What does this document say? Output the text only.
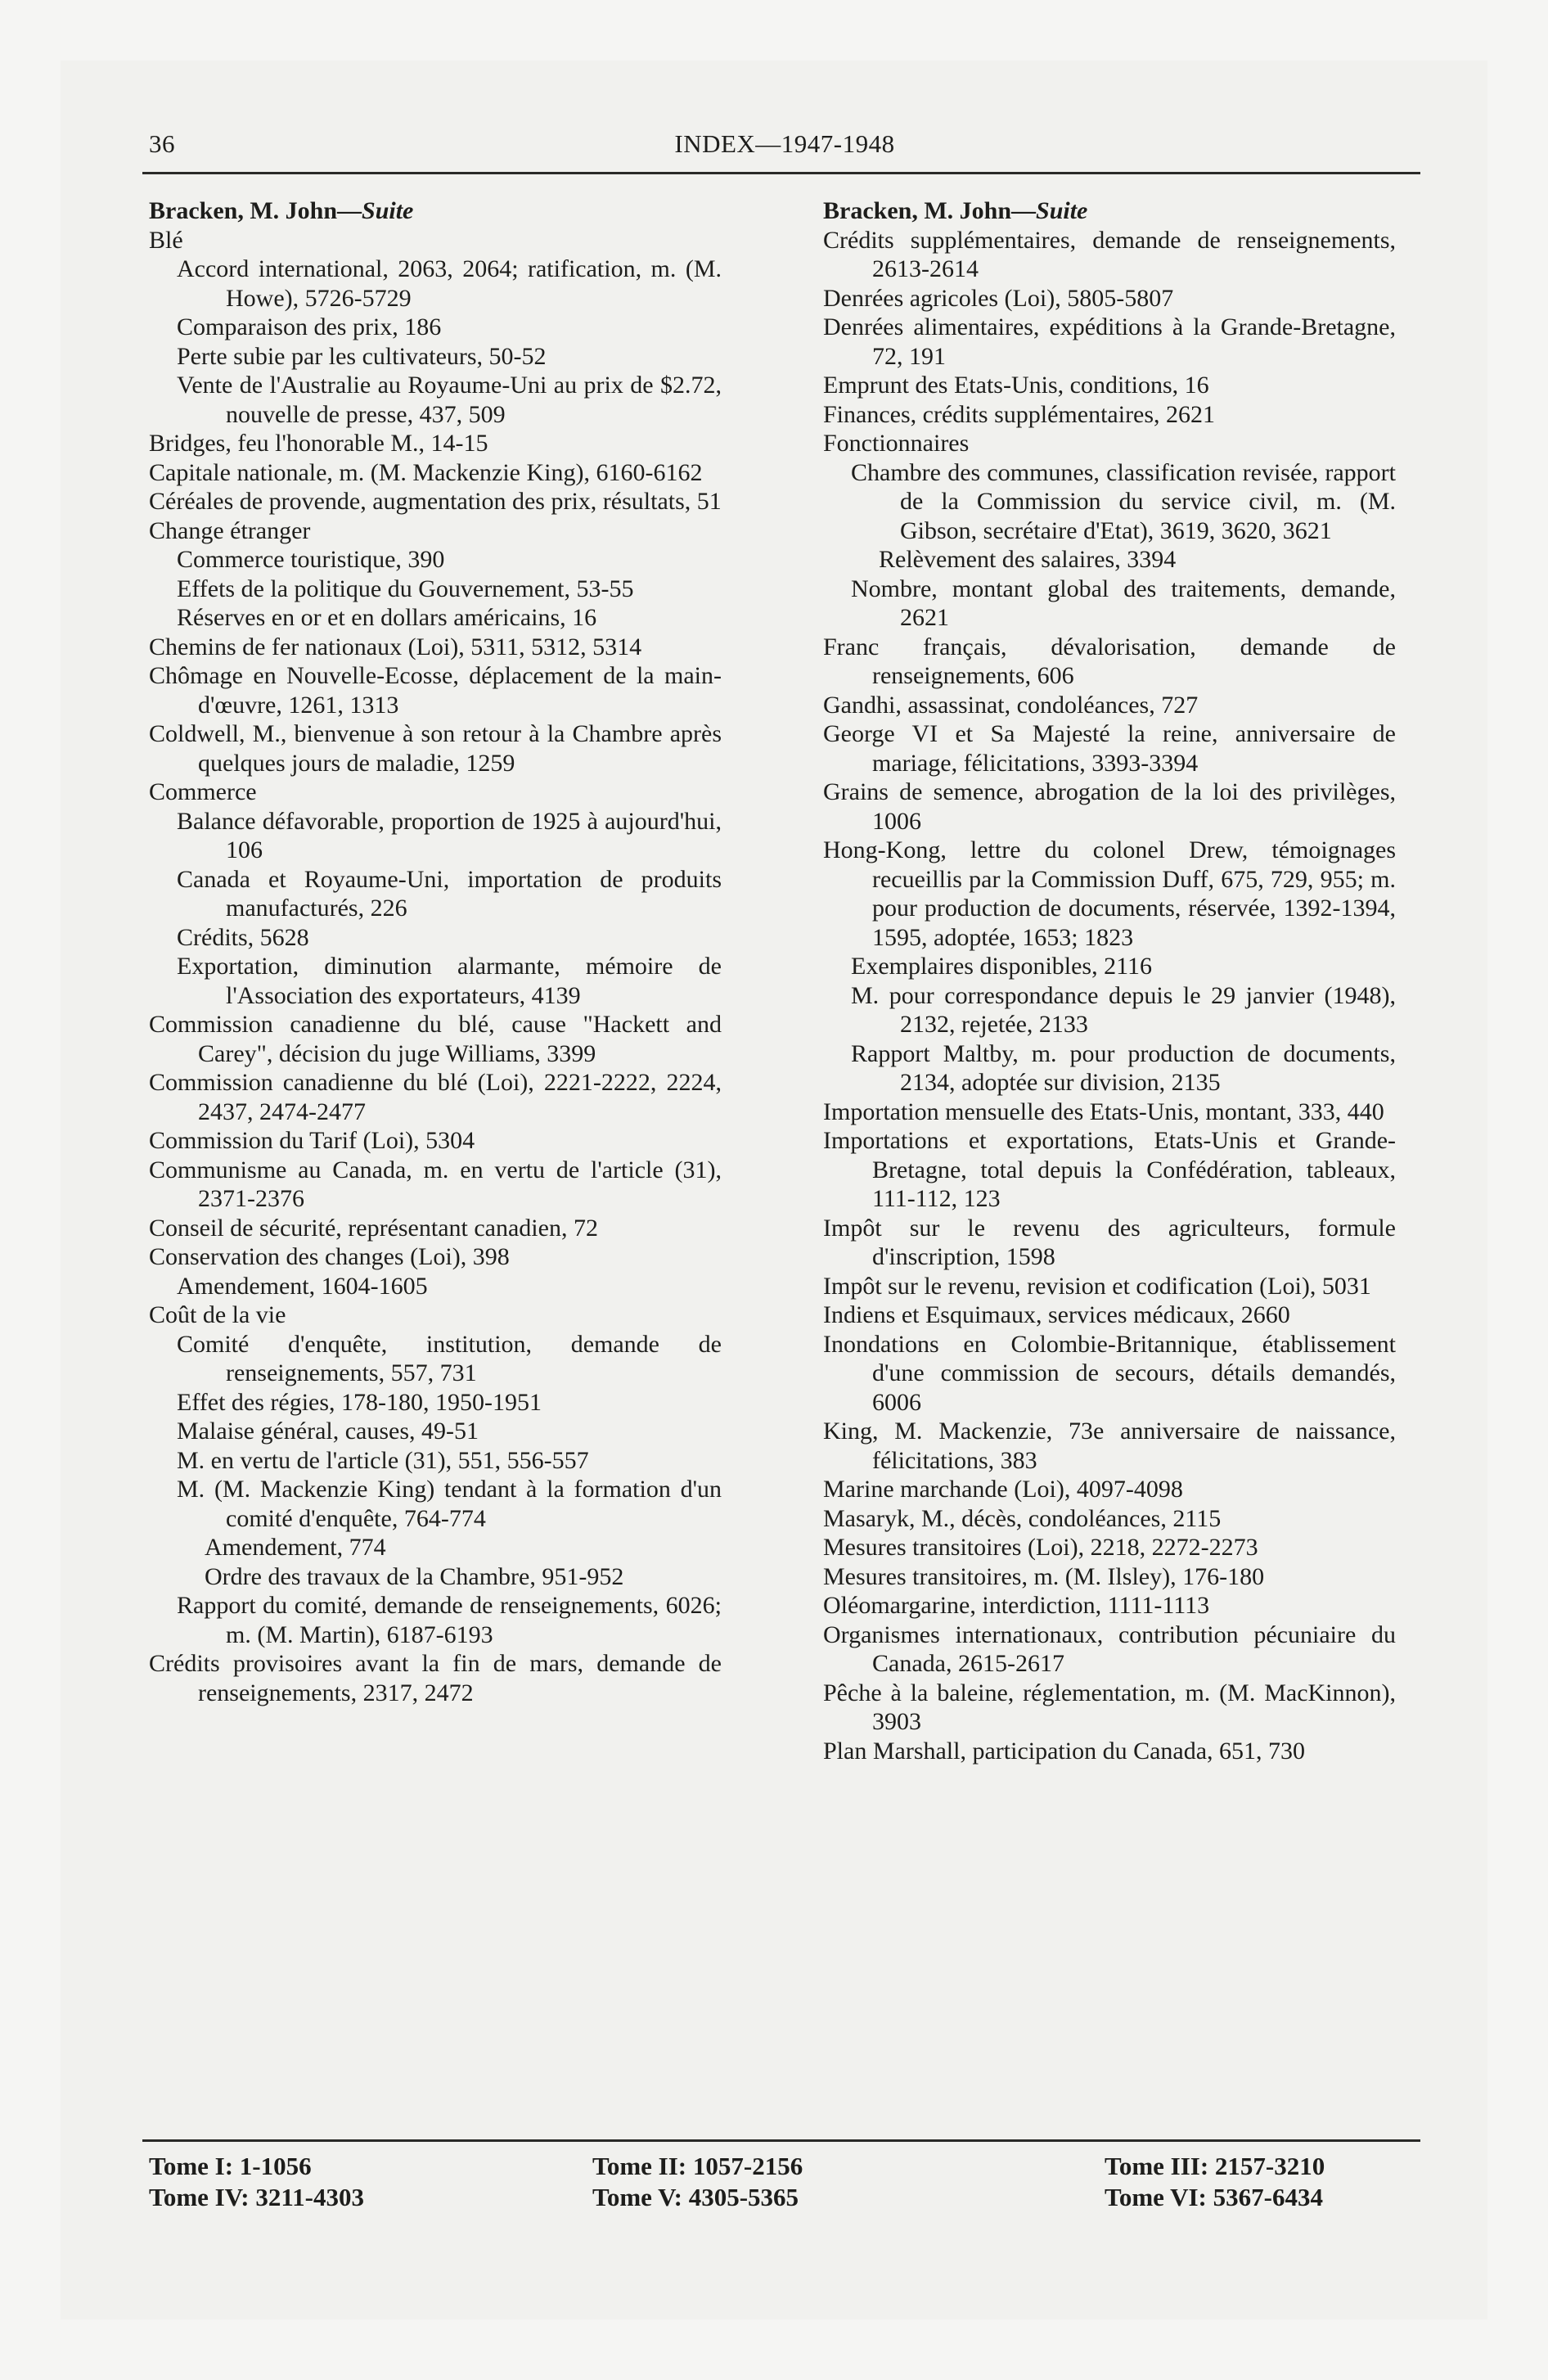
36	INDEX—1947-1948
Bracken, M. John—Suite

Blé

Accord international, 2063, 2064; ratification, m. (M. Howe), 5726-5729

Comparaison des prix, 186

Perte subie par les cultivateurs, 50-52

Vente de l'Australie au Royaume-Uni au prix de $2.72, nouvelle de presse, 437, 509

Bridges, feu l'honorable M., 14-15

Capitale nationale, m. (M. Mackenzie King), 6160-6162

Céréales de provende, augmentation des prix, résultats, 51

Change étranger

Commerce touristique, 390

Effets de la politique du Gouvernement, 53-55

Réserves en or et en dollars américains, 16

Chemins de fer nationaux (Loi), 5311, 5312, 5314

Chômage en Nouvelle-Ecosse, déplacement de la main-d'œuvre, 1261, 1313

Coldwell, M., bienvenue à son retour à la Chambre après quelques jours de maladie, 1259

Commerce

Balance défavorable, proportion de 1925 à aujourd'hui, 106

Canada et Royaume-Uni, importation de produits manufacturés, 226

Crédits, 5628

Exportation, diminution alarmante, mémoire de l'Association des exportateurs, 4139

Commission canadienne du blé, cause "Hackett and Carey", décision du juge Williams, 3399

Commission canadienne du blé (Loi), 2221-2222, 2224, 2437, 2474-2477

Commission du Tarif (Loi), 5304

Communisme au Canada, m. en vertu de l'article (31), 2371-2376

Conseil de sécurité, représentant canadien, 72

Conservation des changes (Loi), 398

Amendement, 1604-1605

Coût de la vie

Comité d'enquête, institution, demande de renseignements, 557, 731

Effet des régies, 178-180, 1950-1951

Malaise général, causes, 49-51

M. en vertu de l'article (31), 551, 556-557

M. (M. Mackenzie King) tendant à la formation d'un comité d'enquête, 764-774

Amendement, 774

Ordre des travaux de la Chambre, 951-952

Rapport du comité, demande de renseignements, 6026; m. (M. Martin), 6187-6193

Crédits provisoires avant la fin de mars, demande de renseignements, 2317, 2472

Bracken, M. John—Suite

Crédits supplémentaires, demande de renseignements, 2613-2614

Denrées agricoles (Loi), 5805-5807

Denrées alimentaires, expéditions à la Grande-Bretagne, 72, 191

Emprunt des Etats-Unis, conditions, 16

Finances, crédits supplémentaires, 2621

Fonctionnaires

Chambre des communes, classification revisée, rapport de la Commission du service civil, m. (M. Gibson, secrétaire d'Etat), 3619, 3620, 3621

Relèvement des salaires, 3394

Nombre, montant global des traitements, demande, 2621

Franc français, dévalorisation, demande de renseignements, 606

Gandhi, assassinat, condoléances, 727

George VI et Sa Majesté la reine, anniversaire de mariage, félicitations, 3393-3394

Grains de semence, abrogation de la loi des privilèges, 1006

Hong-Kong, lettre du colonel Drew, témoignages recueillis par la Commission Duff, 675, 729, 955; m. pour production de documents, réservée, 1392-1394, 1595, adoptée, 1653; 1823

Exemplaires disponibles, 2116

M. pour correspondance depuis le 29 janvier (1948), 2132, rejetée, 2133

Rapport Maltby, m. pour production de documents, 2134, adoptée sur division, 2135

Importation mensuelle des Etats-Unis, montant, 333, 440

Importations et exportations, Etats-Unis et Grande-Bretagne, total depuis la Confédération, tableaux, 111-112, 123

Impôt sur le revenu des agriculteurs, formule d'inscription, 1598

Impôt sur le revenu, revision et codification (Loi), 5031

Indiens et Esquimaux, services médicaux, 2660

Inondations en Colombie-Britannique, établissement d'une commission de secours, détails demandés, 6006

King, M. Mackenzie, 73e anniversaire de naissance, félicitations, 383

Marine marchande (Loi), 4097-4098

Masaryk, M., décès, condoléances, 2115

Mesures transitoires (Loi), 2218, 2272-2273

Mesures transitoires, m. (M. Ilsley), 176-180

Oléomargarine, interdiction, 1111-1113

Organismes internationaux, contribution pécuniaire du Canada, 2615-2617

Pêche à la baleine, réglementation, m. (M. MacKinnon), 3903

Plan Marshall, participation du Canada, 651, 730

Tome I: 1-1056
Tome IV: 3211-4303
Tome II: 1057-2156
Tome V: 4305-5365
Tome III: 2157-3210
Tome VI: 5367-6434
